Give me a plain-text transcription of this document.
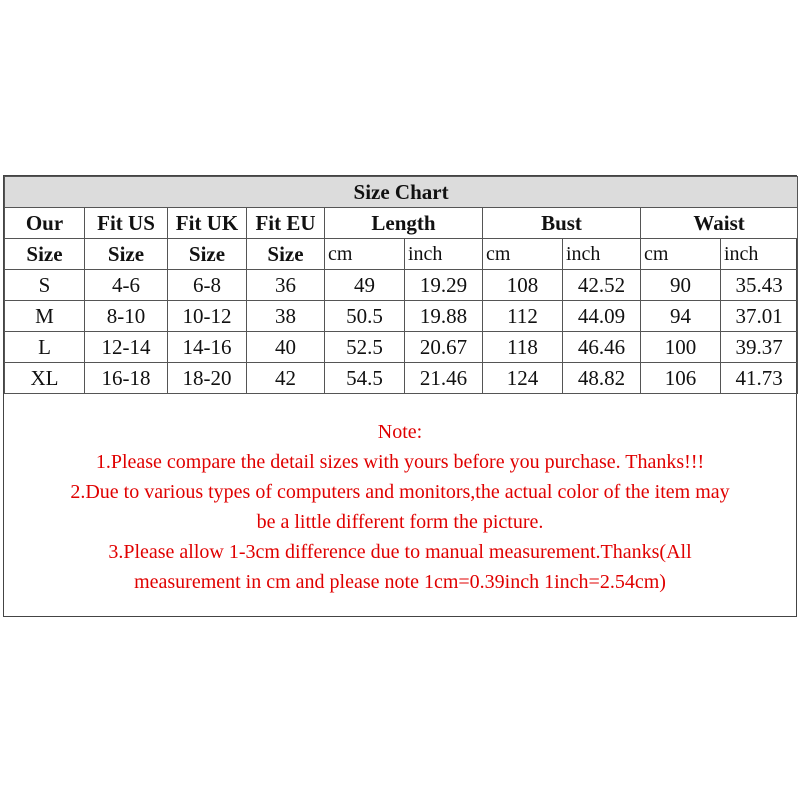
Size Chart									
Our	Fit US	Fit UK	Fit EU	Length		Bust		Waist	
Size	Size	Size	Size	cm	inch	cm	inch	cm	inch
S	4-6	6-8	36	49	19.29	108	42.52	90	35.43
M	8-10	10-12	38	50.5	19.88	112	44.09	94	37.01
L	12-14	14-16	40	52.5	20.67	118	46.46	100	39.37
XL	16-18	18-20	42	54.5	21.46	124	48.82	106	41.73
Note:
1.Please compare the detail sizes with yours before you purchase. Thanks!!!
2.Due to various types of computers and monitors,the actual color of the item may
be a little different form the picture.
3.Please allow 1-3cm difference due to manual measurement.Thanks(All
measurement in cm and please note 1cm=0.39inch 1inch=2.54cm)
